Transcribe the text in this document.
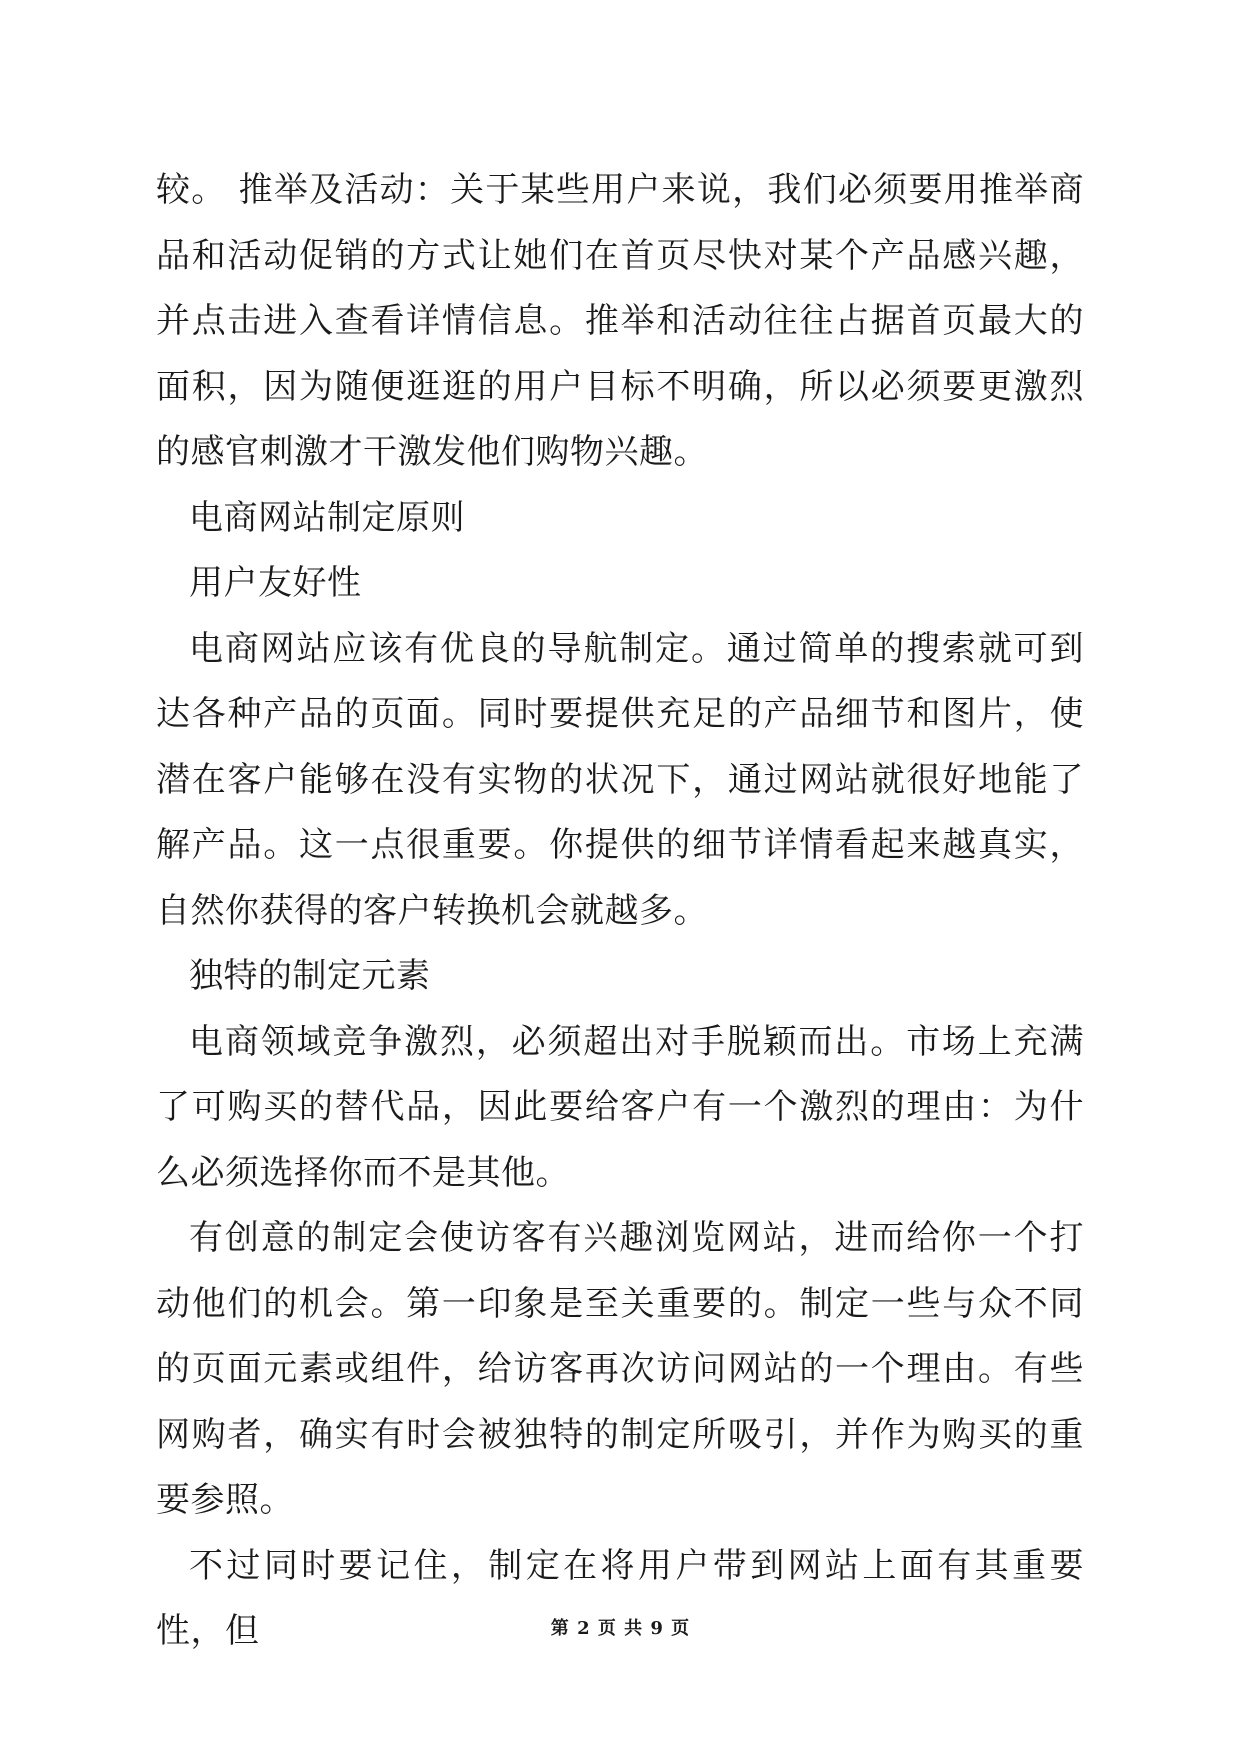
较。 推举及活动：关于某些用户来说，我们必须要用推举商品和活动促销的方式让她们在首页尽快对某个产品感兴趣，并点击进入查看详情信息。推举和活动往往占据首页最大的面积，因为随便逛逛的用户目标不明确，所以必须要更激烈的感官刺激才干激发他们购物兴趣。

电商网站制定原则

用户友好性

电商网站应该有优良的导航制定。通过简单的搜索就可到达各种产品的页面。同时要提供充足的产品细节和图片，使潜在客户能够在没有实物的状况下，通过网站就很好地能了解产品。这一点很重要。你提供的细节详情看起来越真实，自然你获得的客户转换机会就越多。

独特的制定元素

电商领域竞争激烈，必须超出对手脱颖而出。市场上充满了可购买的替代品，因此要给客户有一个激烈的理由：为什么必须选择你而不是其他。

有创意的制定会使访客有兴趣浏览网站，进而给你一个打动他们的机会。第一印象是至关重要的。制定一些与众不同的页面元素或组件，给访客再次访问网站的一个理由。有些网购者，确实有时会被独特的制定所吸引，并作为购买的重要参照。

不过同时要记住，制定在将用户带到网站上面有其重要性，但	第 2 页 共 9 页
